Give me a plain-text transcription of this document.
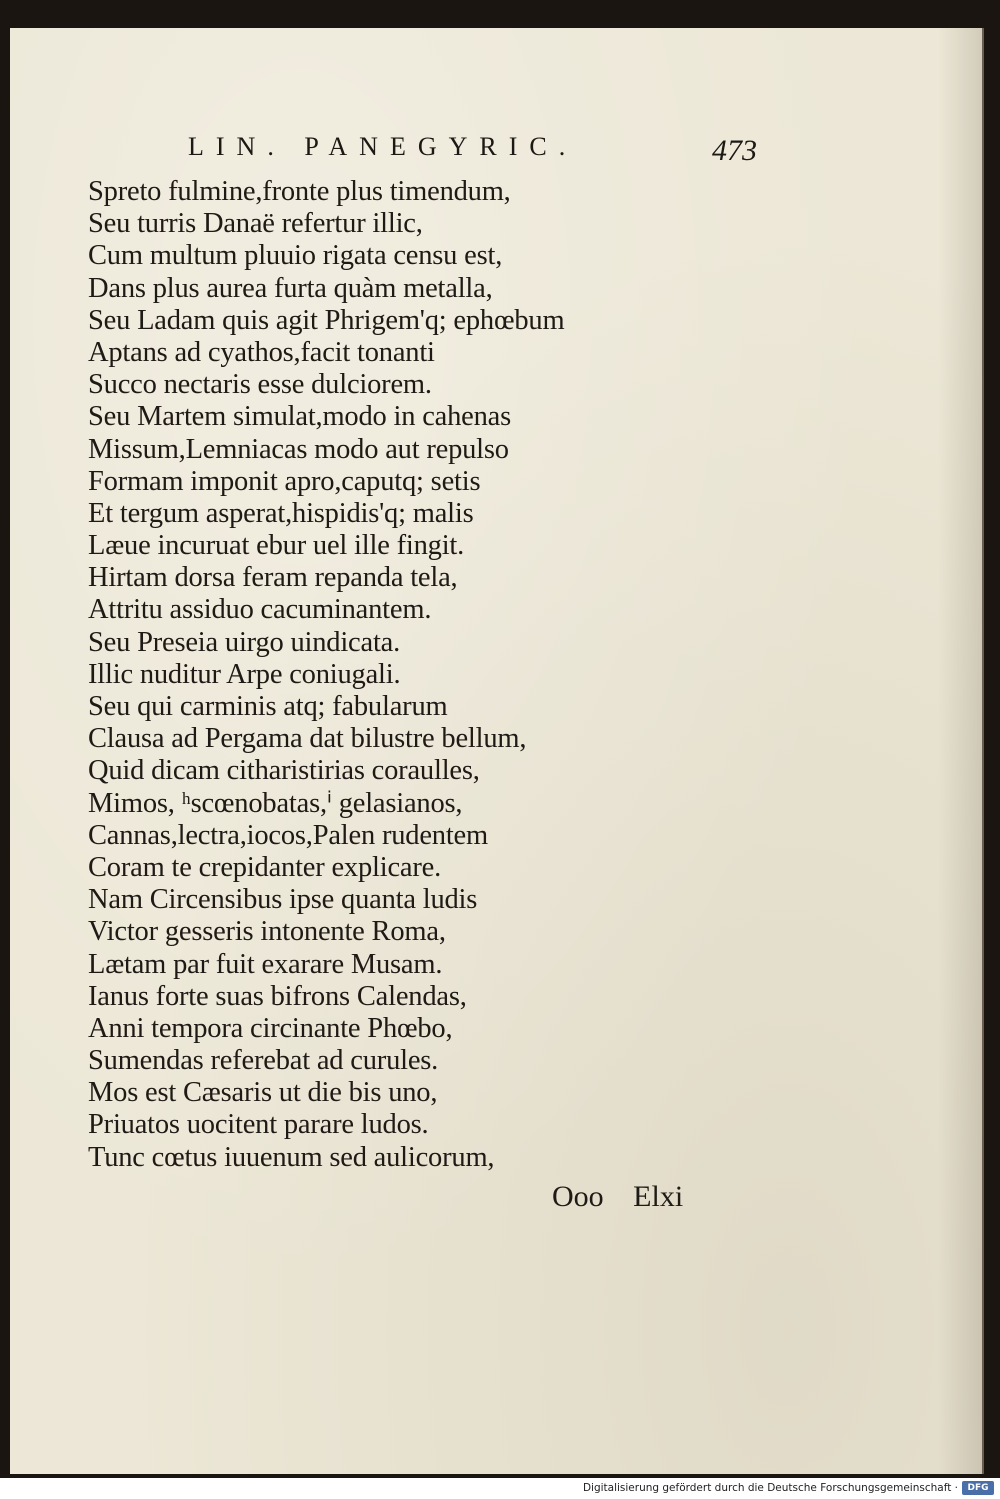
LIN. PANEGYRIC.	473
Spreto fulmine,fronte plus timendum,
Seu turris Danaë refertur illic,
Cum multum pluuio rigata censu est,
Dans plus aurea furta quàm metalla,
Seu Ladam quis agit Phrigem'q; ephœbum
Aptans ad cyathos,facit tonanti
Succo nectaris esse dulciorem.
Seu Martem simulat,modo in cahenas
Missum,Lemniacas modo aut repulso
Formam imponit apro,caputq; setis
Et tergum asperat,hispidis'q; malis
Læue incuruat ebur uel ille fingit.
Hirtam dorsa feram repanda tela,
Attritu assiduo cacuminantem.
Seu Preseia uirgo uindicata.
Illic nuditur Arpe coniugali.
Seu qui carminis atq; fabularum
Clausa ad Pergama dat bilustre bellum,
Quid dicam citharistirias coraulles,
Mimos, ʰscœnobatas,ⁱ gelasianos,
Cannas,lectra,iocos,Palen rudentem
Coram te crepidanter explicare.
Nam Circensibus ipse quanta ludis
Victor gesseris intonente Roma,
Lætam par fuit exarare Musam.
Ianus forte suas bifrons Calendas,
Anni tempora circinante Phœbo,
Sumendas referebat ad curules.
Mos est Cæsaris ut die bis uno,
Priuatos uocitent parare ludos.
Tunc cœtus iuuenum sed aulicorum,
Ooo Elxi
Digitalisierung gefördert durch die Deutsche Forschungsgemeinschaft ·	DFG
